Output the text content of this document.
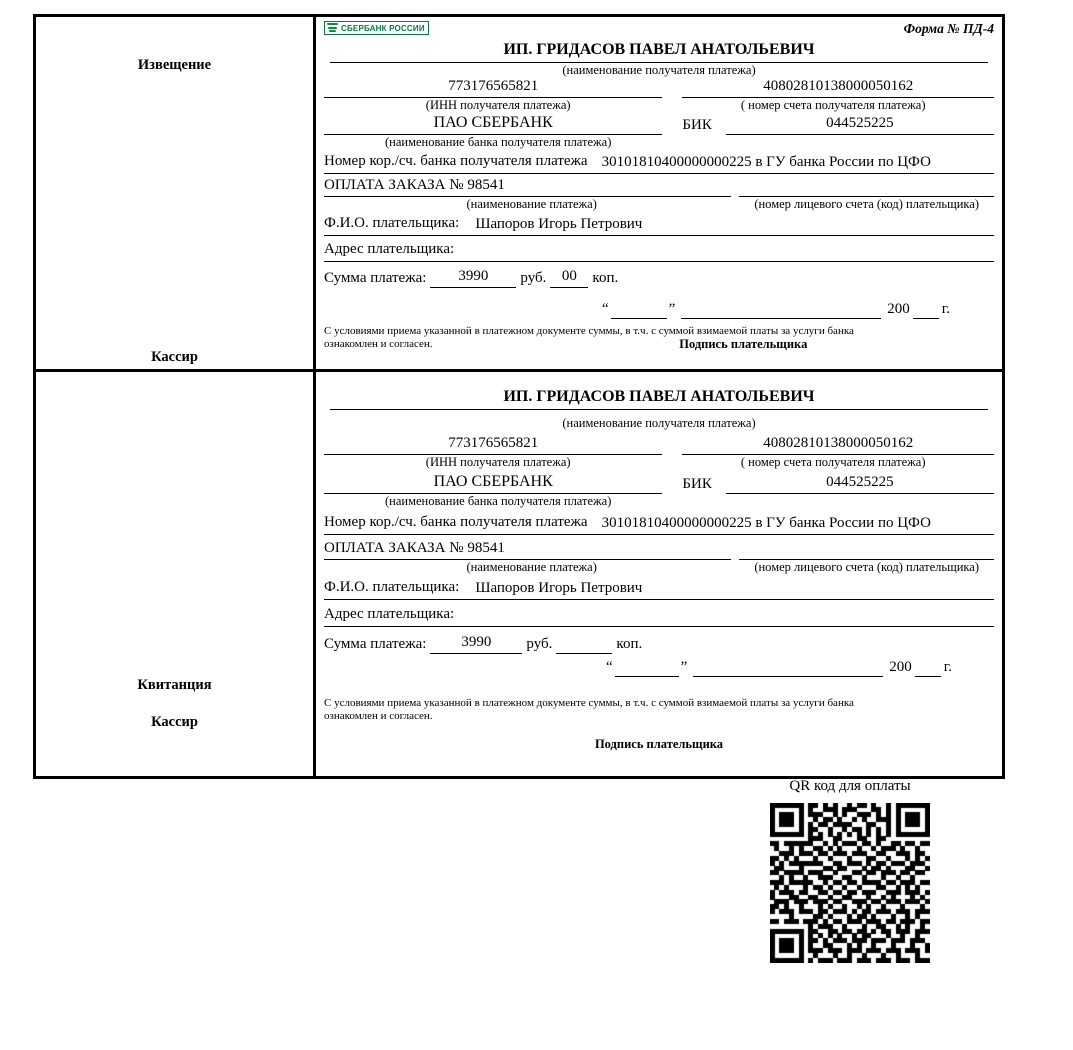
Извещение
Кассир
СБЕРБАНК РОССИИ	Форма № ПД-4
ИП. ГРИДАСОВ ПАВЕЛ АНАТОЛЬЕВИЧ
(наименование получателя платежа)
773176565821
(ИНН получателя платежа)
40802810138000050162
( номер счета получателя платежа)
ПАО СБЕРБАНК	БИК	044525225
(наименование банка получателя платежа)
Номер кор./сч. банка получателя платежа 30101810400000000225 в ГУ банка России по ЦФО
ОПЛАТА ЗАКАЗА № 98541
(наименование платежа)	(номер лицевого счета (код) плательщика)
Ф.И.О. плательщика: Шапоров Игорь Петрович
Адрес плательщика:
Сумма платежа:	3990	руб.	00	коп.
“	”	200 г.
С условиями приема указанной в платежном документе суммы, в т.ч. с суммой взимаемой платы за услуги банка
ознакомлен и согласен.	Подпись плательщика
Квитанция
Кассир
ИП. ГРИДАСОВ ПАВЕЛ АНАТОЛЬЕВИЧ
(наименование получателя платежа)
773176565821
(ИНН получателя платежа)
40802810138000050162
( номер счета получателя платежа)
ПАО СБЕРБАНК	БИК	044525225
(наименование банка получателя платежа)
Номер кор./сч. банка получателя платежа 30101810400000000225 в ГУ банка России по ЦФО
ОПЛАТА ЗАКАЗА № 98541
(наименование платежа)	(номер лицевого счета (код) плательщика)
Ф.И.О. плательщика: Шапоров Игорь Петрович
Адрес плательщика:
Сумма платежа:	3990	руб.	коп.
“	”	200 г.
С условиями приема указанной в платежном документе суммы, в т.ч. с суммой взимаемой платы за услуги банка
ознакомлен и согласен.
Подпись плательщика
QR код для оплаты
